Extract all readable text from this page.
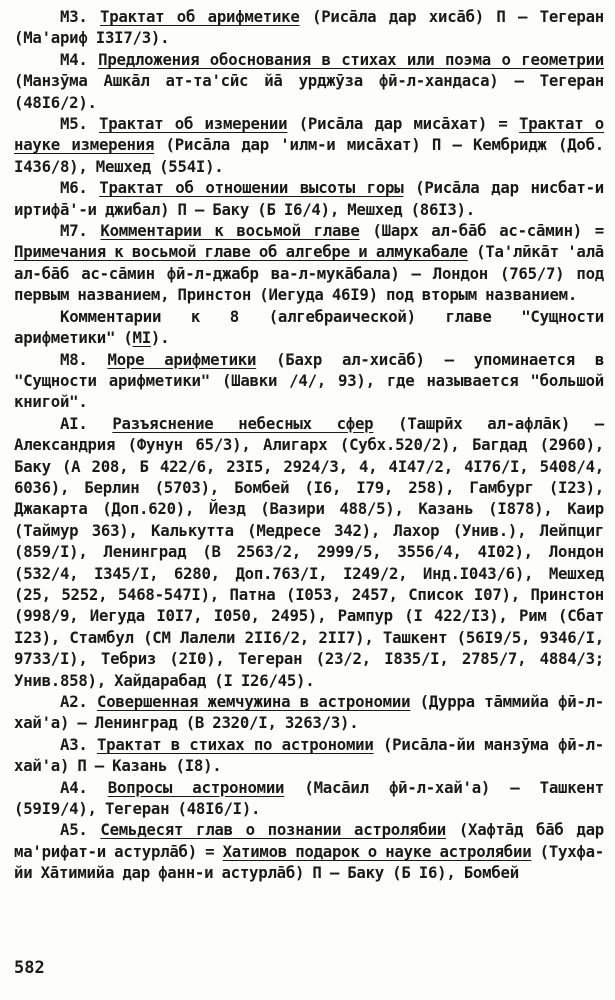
М3. Трактат об арифметике (Рисāла дар хисāб) П – Тегеран (Ма'ариф I3I7/3).

М4. Предложения обоснования в стихах или поэма о геометрии (Манзӯма Ашкāл ат-та'сӣс йā урджӯза фӣ-л-хандаса) – Тегеран (48I6/2).

М5. Трактат об измерении (Рисāла дар мисāхат) = Трактат о науке измерения (Рисāла дар 'илм-и мисāхат) П – Кембридж (Доб. I436/8), Мешхед (554I).

М6. Трактат об отношении высоты горы (Рисāла дар нисбат-и иртифā'-и джибал) П – Баку (Б I6/4), Мешхед (86I3).

М7. Комментарии к восьмой главе (Шарх ал-бāб ас-сāмин) = Примечания к восьмой главе об алгебре и алмукабале (Та'лӣкāт 'алā ал-бāб ас-сāмин фӣ-л-джабр ва-л-мукāбала) – Лондон (765/7) под первым названием, Принстон (Иегуда 46I9) под вторым названием.

Комментарии к 8 (алгебраической) главе "Сущности арифметики" (МI).

М8. Море арифметики (Бахр ал-хисāб) – упоминается в "Сущности арифметики" (Шавки /4/, 93), где называется "большой книгой".

АI. Разъяснение небесных сфер (Ташрӣх ал-афлāк) – Александрия (Фунун 65/3), Алигарх (Субх.520/2), Багдад (2960), Баку (А 208, Б 422/6, 23I5, 2924/3, 4, 4I47/2, 4I76/I, 5408/4, 6036), Берлин (5703), Бомбей (I6, I79, 258), Гамбург (I23), Джакарта (Доп.620), Йезд (Вазири 488/5), Казань (I878), Каир (Таймур 363), Калькутта (Медресе 342), Лахор (Унив.), Лейпциг (859/I), Ленинград (В 2563/2, 2999/5, 3556/4, 4I02), Лондон (532/4, I345/I, 6280, Доп.763/I, I249/2, Инд.I043/6), Мешхед (25, 5252, 5468-547I), Патна (I053, 2457, Список I07), Принстон (998/9, Иегуда I0I7, I050, 2495), Рампур (I 422/I3), Рим (Сбат I23), Стамбул (СМ Лалели 2II6/2, 2II7), Ташкент (56I9/5, 9346/I, 9733/I), Тебриз (2I0), Тегеран (23/2, I835/I, 2785/7, 4884/3; Унив.858), Хайдарабад (I I26/45).

А2. Совершенная жемчужина в астрономии (Дурра тāммийа фӣ-л-хай'а) – Ленинград (В 2320/I, 3263/3).

А3. Трактат в стихах по астрономии (Рисāла-йи манзӯма фӣ-л-хай'а) П – Казань (I8).

А4. Вопросы астрономии (Масāил фӣ-л-хай'а) – Ташкент (59I9/4), Тегеран (48I6/I).

А5. Семьдесят глав о познании астролябии (Хафтāд бāб дар ма'рифат-и астурлāб) = Хатимов подарок о науке астролябии (Тухфа-йи Хāтимийа дар фанн-и астурлāб) П – Баку (Б I6), Бомбей

582
